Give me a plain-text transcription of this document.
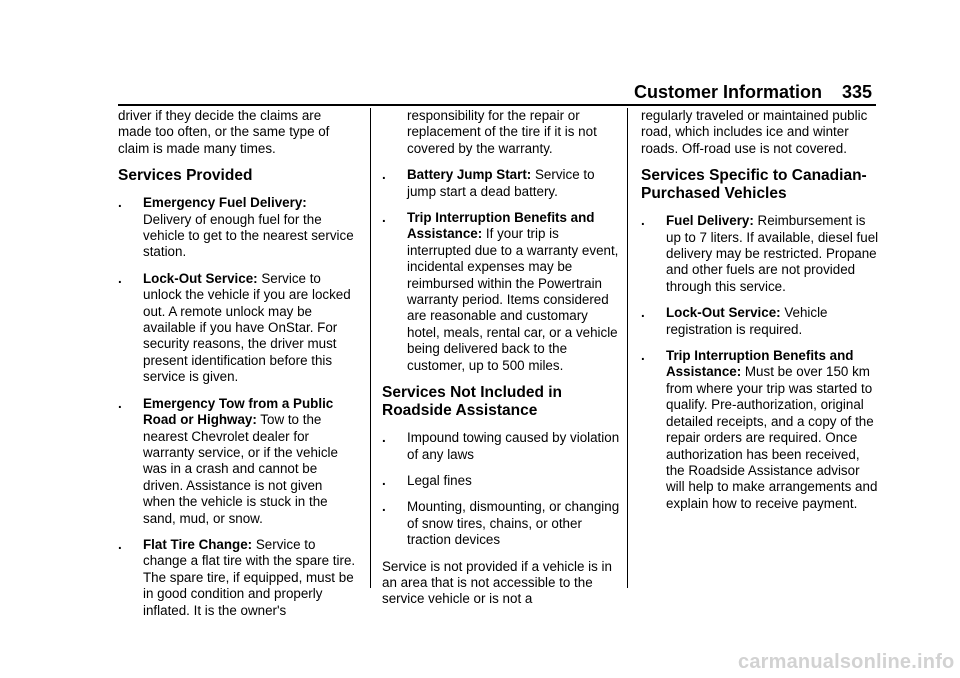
Customer Information 335

driver if they decide the claims are made too often, or the same type of claim is made many times.

Services Provided
. Emergency Fuel Delivery: Delivery of enough fuel for the vehicle to get to the nearest service station.
. Lock-Out Service: Service to unlock the vehicle if you are locked out. A remote unlock may be available if you have OnStar. For security reasons, the driver must present identification before this service is given.
. Emergency Tow from a Public Road or Highway: Tow to the nearest Chevrolet dealer for warranty service, or if the vehicle was in a crash and cannot be driven. Assistance is not given when the vehicle is stuck in the sand, mud, or snow.
. Flat Tire Change: Service to change a flat tire with the spare tire. The spare tire, if equipped, must be in good condition and properly inflated. It is the owner's
responsibility for the repair or replacement of the tire if it is not covered by the warranty.
. Battery Jump Start: Service to jump start a dead battery.
. Trip Interruption Benefits and Assistance: If your trip is interrupted due to a warranty event, incidental expenses may be reimbursed within the Powertrain warranty period. Items considered are reasonable and customary hotel, meals, rental car, or a vehicle being delivered back to the customer, up to 500 miles.
Services Not Included in Roadside Assistance
. Impound towing caused by violation of any laws
. Legal fines
. Mounting, dismounting, or changing of snow tires, chains, or other traction devices

Service is not provided if a vehicle is in an area that is not accessible to the service vehicle or is not a

regularly traveled or maintained public road, which includes ice and winter roads. Off-road use is not covered.

Services Specific to Canadian-Purchased Vehicles
. Fuel Delivery: Reimbursement is up to 7 liters. If available, diesel fuel delivery may be restricted. Propane and other fuels are not provided through this service.
. Lock-Out Service: Vehicle registration is required.
. Trip Interruption Benefits and Assistance: Must be over 150 km from where your trip was started to qualify. Pre-authorization, original detailed receipts, and a copy of the repair orders are required. Once authorization has been received, the Roadside Assistance advisor will help to make arrangements and explain how to receive payment.
carmanualsonline.info
